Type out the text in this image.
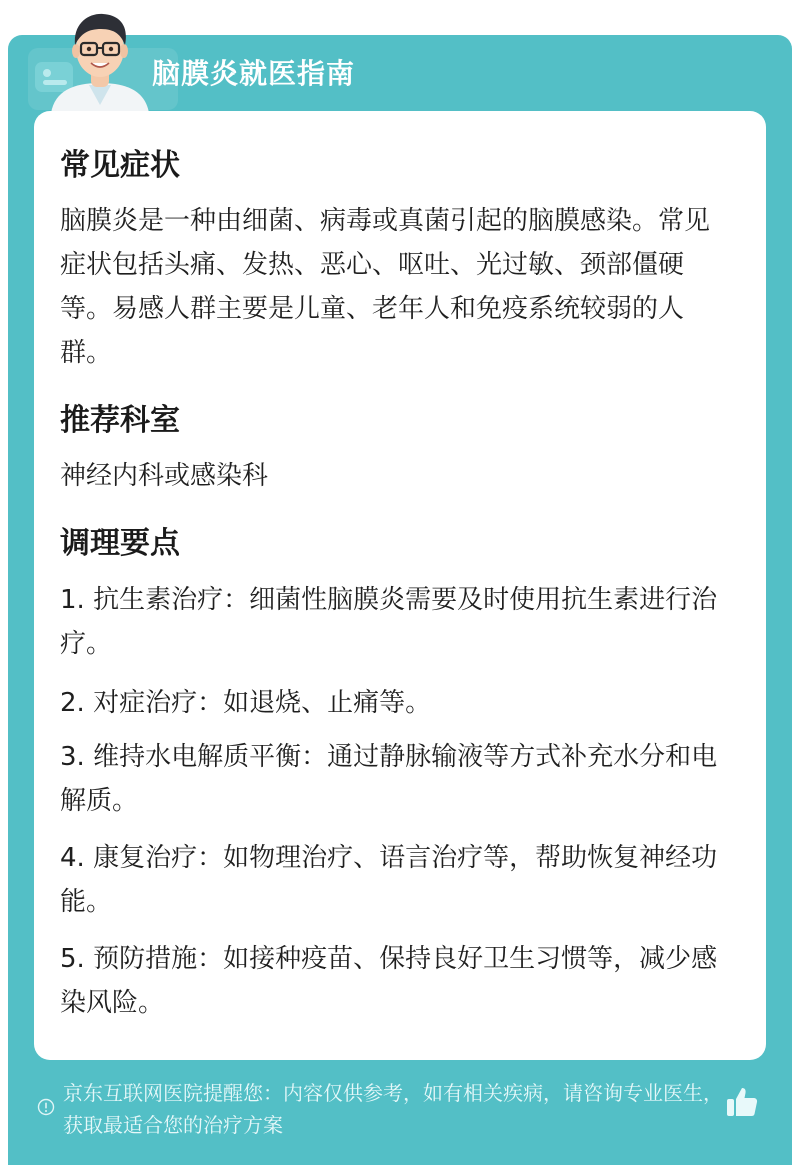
脑膜炎就医指南
常见症状
脑膜炎是一种由细菌、病毒或真菌引起的脑膜感染。常见症状包括头痛、发热、恶心、呕吐、光过敏、颈部僵硬等。易感人群主要是儿童、老年人和免疫系统较弱的人群。
推荐科室
神经内科或感染科
调理要点
1. 抗生素治疗：细菌性脑膜炎需要及时使用抗生素进行治疗。
2. 对症治疗：如退烧、止痛等。
3. 维持水电解质平衡：通过静脉输液等方式补充水分和电解质。
4. 康复治疗：如物理治疗、语言治疗等，帮助恢复神经功能。
5. 预防措施：如接种疫苗、保持良好卫生习惯等，减少感染风险。
京东互联网医院提醒您：内容仅供参考，如有相关疾病，请咨询专业医生，获取最适合您的治疗方案
